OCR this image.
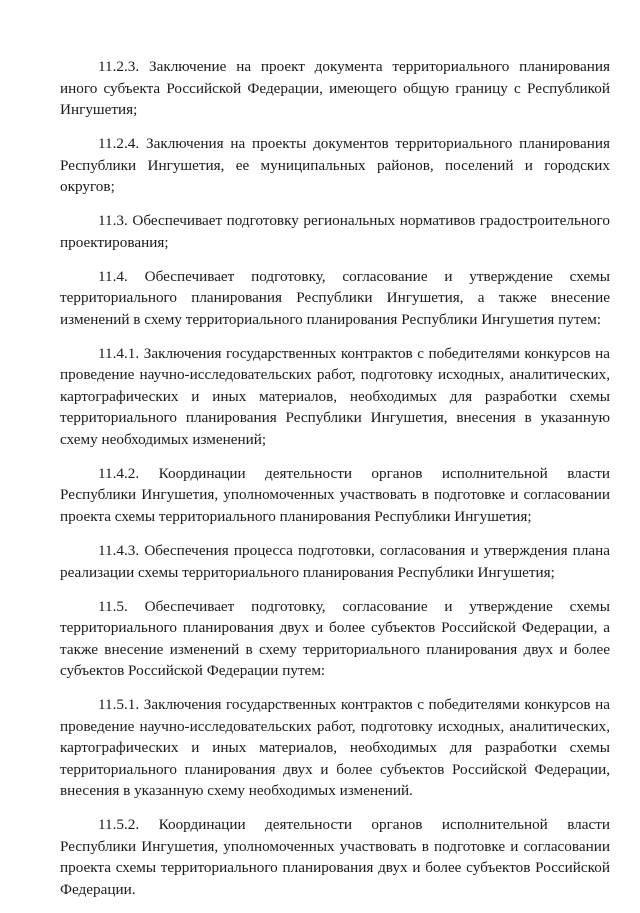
11.2.3. Заключение на проект документа территориального планирования иного субъекта Российской Федерации, имеющего общую границу с Республикой Ингушетия;

11.2.4. Заключения на проекты документов территориального планирования Республики Ингушетия, ее муниципальных районов, поселений и городских округов;

11.3. Обеспечивает подготовку региональных нормативов градостроительного проектирования;

11.4. Обеспечивает подготовку, согласование и утверждение схемы территориального планирования Республики Ингушетия, а также внесение изменений в схему территориального планирования Республики Ингушетия путем:

11.4.1. Заключения государственных контрактов с победителями конкурсов на проведение научно-исследовательских работ, подготовку исходных, аналитических, картографических и иных материалов, необходимых для разработки схемы территориального планирования Республики Ингушетия, внесения в указанную схему необходимых изменений;

11.4.2. Координации деятельности органов исполнительной власти Республики Ингушетия, уполномоченных участвовать в подготовке и согласовании проекта схемы территориального планирования Республики Ингушетия;

11.4.3. Обеспечения процесса подготовки, согласования и утверждения плана реализации схемы территориального планирования Республики Ингушетия;

11.5. Обеспечивает подготовку, согласование и утверждение схемы территориального планирования двух и более субъектов Российской Федерации, а также внесение изменений в схему территориального планирования двух и более субъектов Российской Федерации путем:

11.5.1. Заключения государственных контрактов с победителями конкурсов на проведение научно-исследовательских работ, подготовку исходных, аналитических, картографических и иных материалов, необходимых для разработки схемы территориального планирования двух и более субъектов Российской Федерации, внесения в указанную схему необходимых изменений.

11.5.2. Координации деятельности органов исполнительной власти Республики Ингушетия, уполномоченных участвовать в подготовке и согласовании проекта схемы территориального планирования двух и более субъектов Российской Федерации.
